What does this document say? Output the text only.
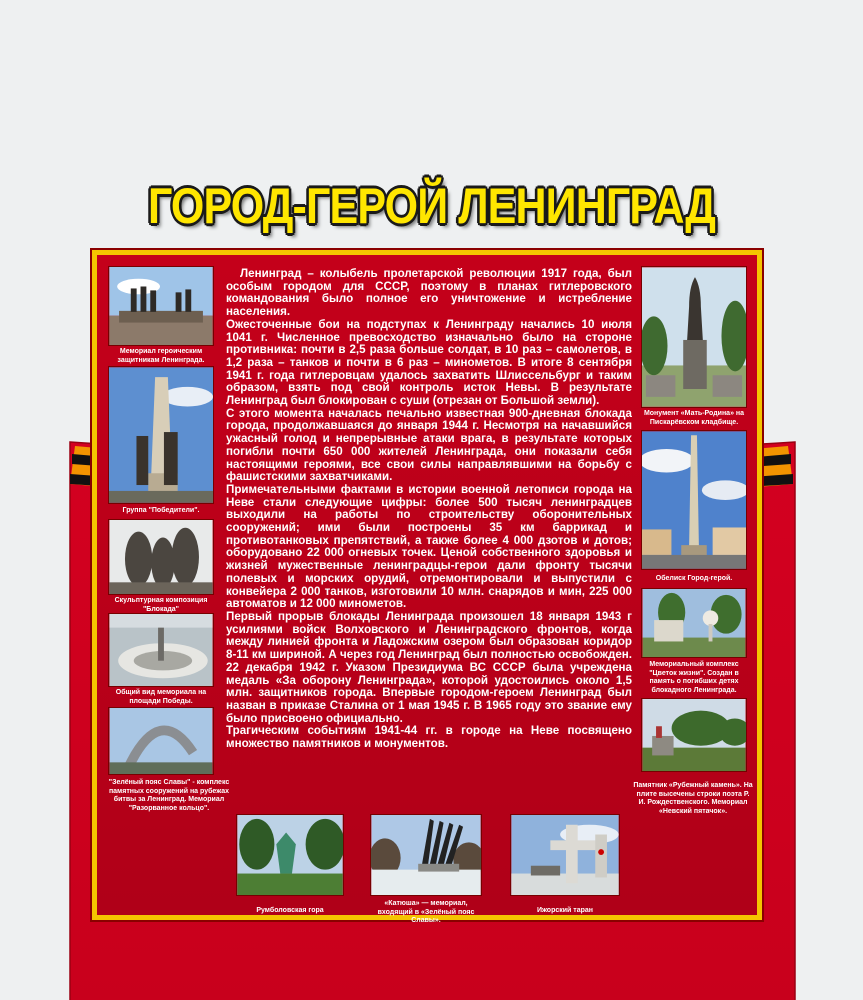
ГОРОД-ГЕРОЙ ЛЕНИНГРАД
Мемориал героическим защитникам Ленинграда.
Группа "Победители".
Скульптурная композиция "Блокада"
Общий вид мемориала на площади Победы.
"Зелёный пояс Славы" - комплекс памятных сооружений на рубежах битвы за Ленинград. Мемориал "Разорванное кольцо".
Монумент «Мать-Родина» на Пискарёвском кладбище.
Обелиск Город-герой.
Мемориальный комплекс "Цветок жизни". Создан в память о погибших детях блокадного Ленинграда.
Памятник «Рубежный камень». На плите высечены строки поэта Р. И. Рождественского. Мемориал «Невский пятачок».
Румболовская гора
«Катюша» — мемориал, входящий в «Зелёный пояс Славы».
Ижорский таран

Ленинград – колыбель пролетарской революции 1917 года, был особым городом для СССР, поэтому в планах гитлеровского командования было полное его уничтожение и истребление населения.

Ожесточенные бои на подступах к Ленинграду начались 10 июля 1041 г. Численное превосходство изначально было на стороне противника: почти в 2,5 раза больше солдат, в 10 раз – самолетов, в 1,2 раза – танков и почти в 6 раз – минометов. В итоге 8 сентября 1941 г. года гитлеровцам удалось захватить Шлиссельбург и таким образом, взять под свой контроль исток Невы. В результате Ленинград был блокирован с суши (отрезан от Большой земли).

С этого момента началась печально известная 900-дневная блокада города, продолжавшаяся до января 1944 г. Несмотря на начавшийся ужасный голод и непрерывные атаки врага, в результате которых погибли почти 650 000 жителей Ленинграда, они показали себя настоящими героями, все свои силы направлявшими на борьбу с фашистскими захватчиками.

Примечательными фактами в истории военной летописи города на Неве стали следующие цифры: более 500 тысяч ленинградцев выходили на работы по строительству оборонительных сооружений; ими были построены 35 км баррикад и противотанковых препятствий, а также более 4 000 дзотов и дотов; оборудовано 22 000 огневых точек. Ценой собственного здоровья и жизней мужественные ленинградцы-герои дали фронту тысячи полевых и морских орудий, отремонтировали и выпустили с конвейера 2 000 танков, изготовили 10 млн. снарядов и мин, 225 000 автоматов и 12 000 минометов.

Первый прорыв блокады Ленинграда произошел 18 января 1943 г усилиями войск Волховского и Ленинградского фронтов, когда между линией фронта и Ладожским озером был образован коридор 8-11 км шириной. А через год Ленинград был полностью освобожден. 22 декабря 1942 г. Указом Президиума ВС СССР была учреждена медаль «За оборону Ленинграда», которой удостоились около 1,5 млн. защитников города. Впервые городом-героем Ленинград был назван в приказе Сталина от 1 мая 1945 г. В 1965 году это звание ему было присвоено официально.

Трагическим событиям 1941-44 гг. в городе на Неве посвящено множество памятников и монументов.
